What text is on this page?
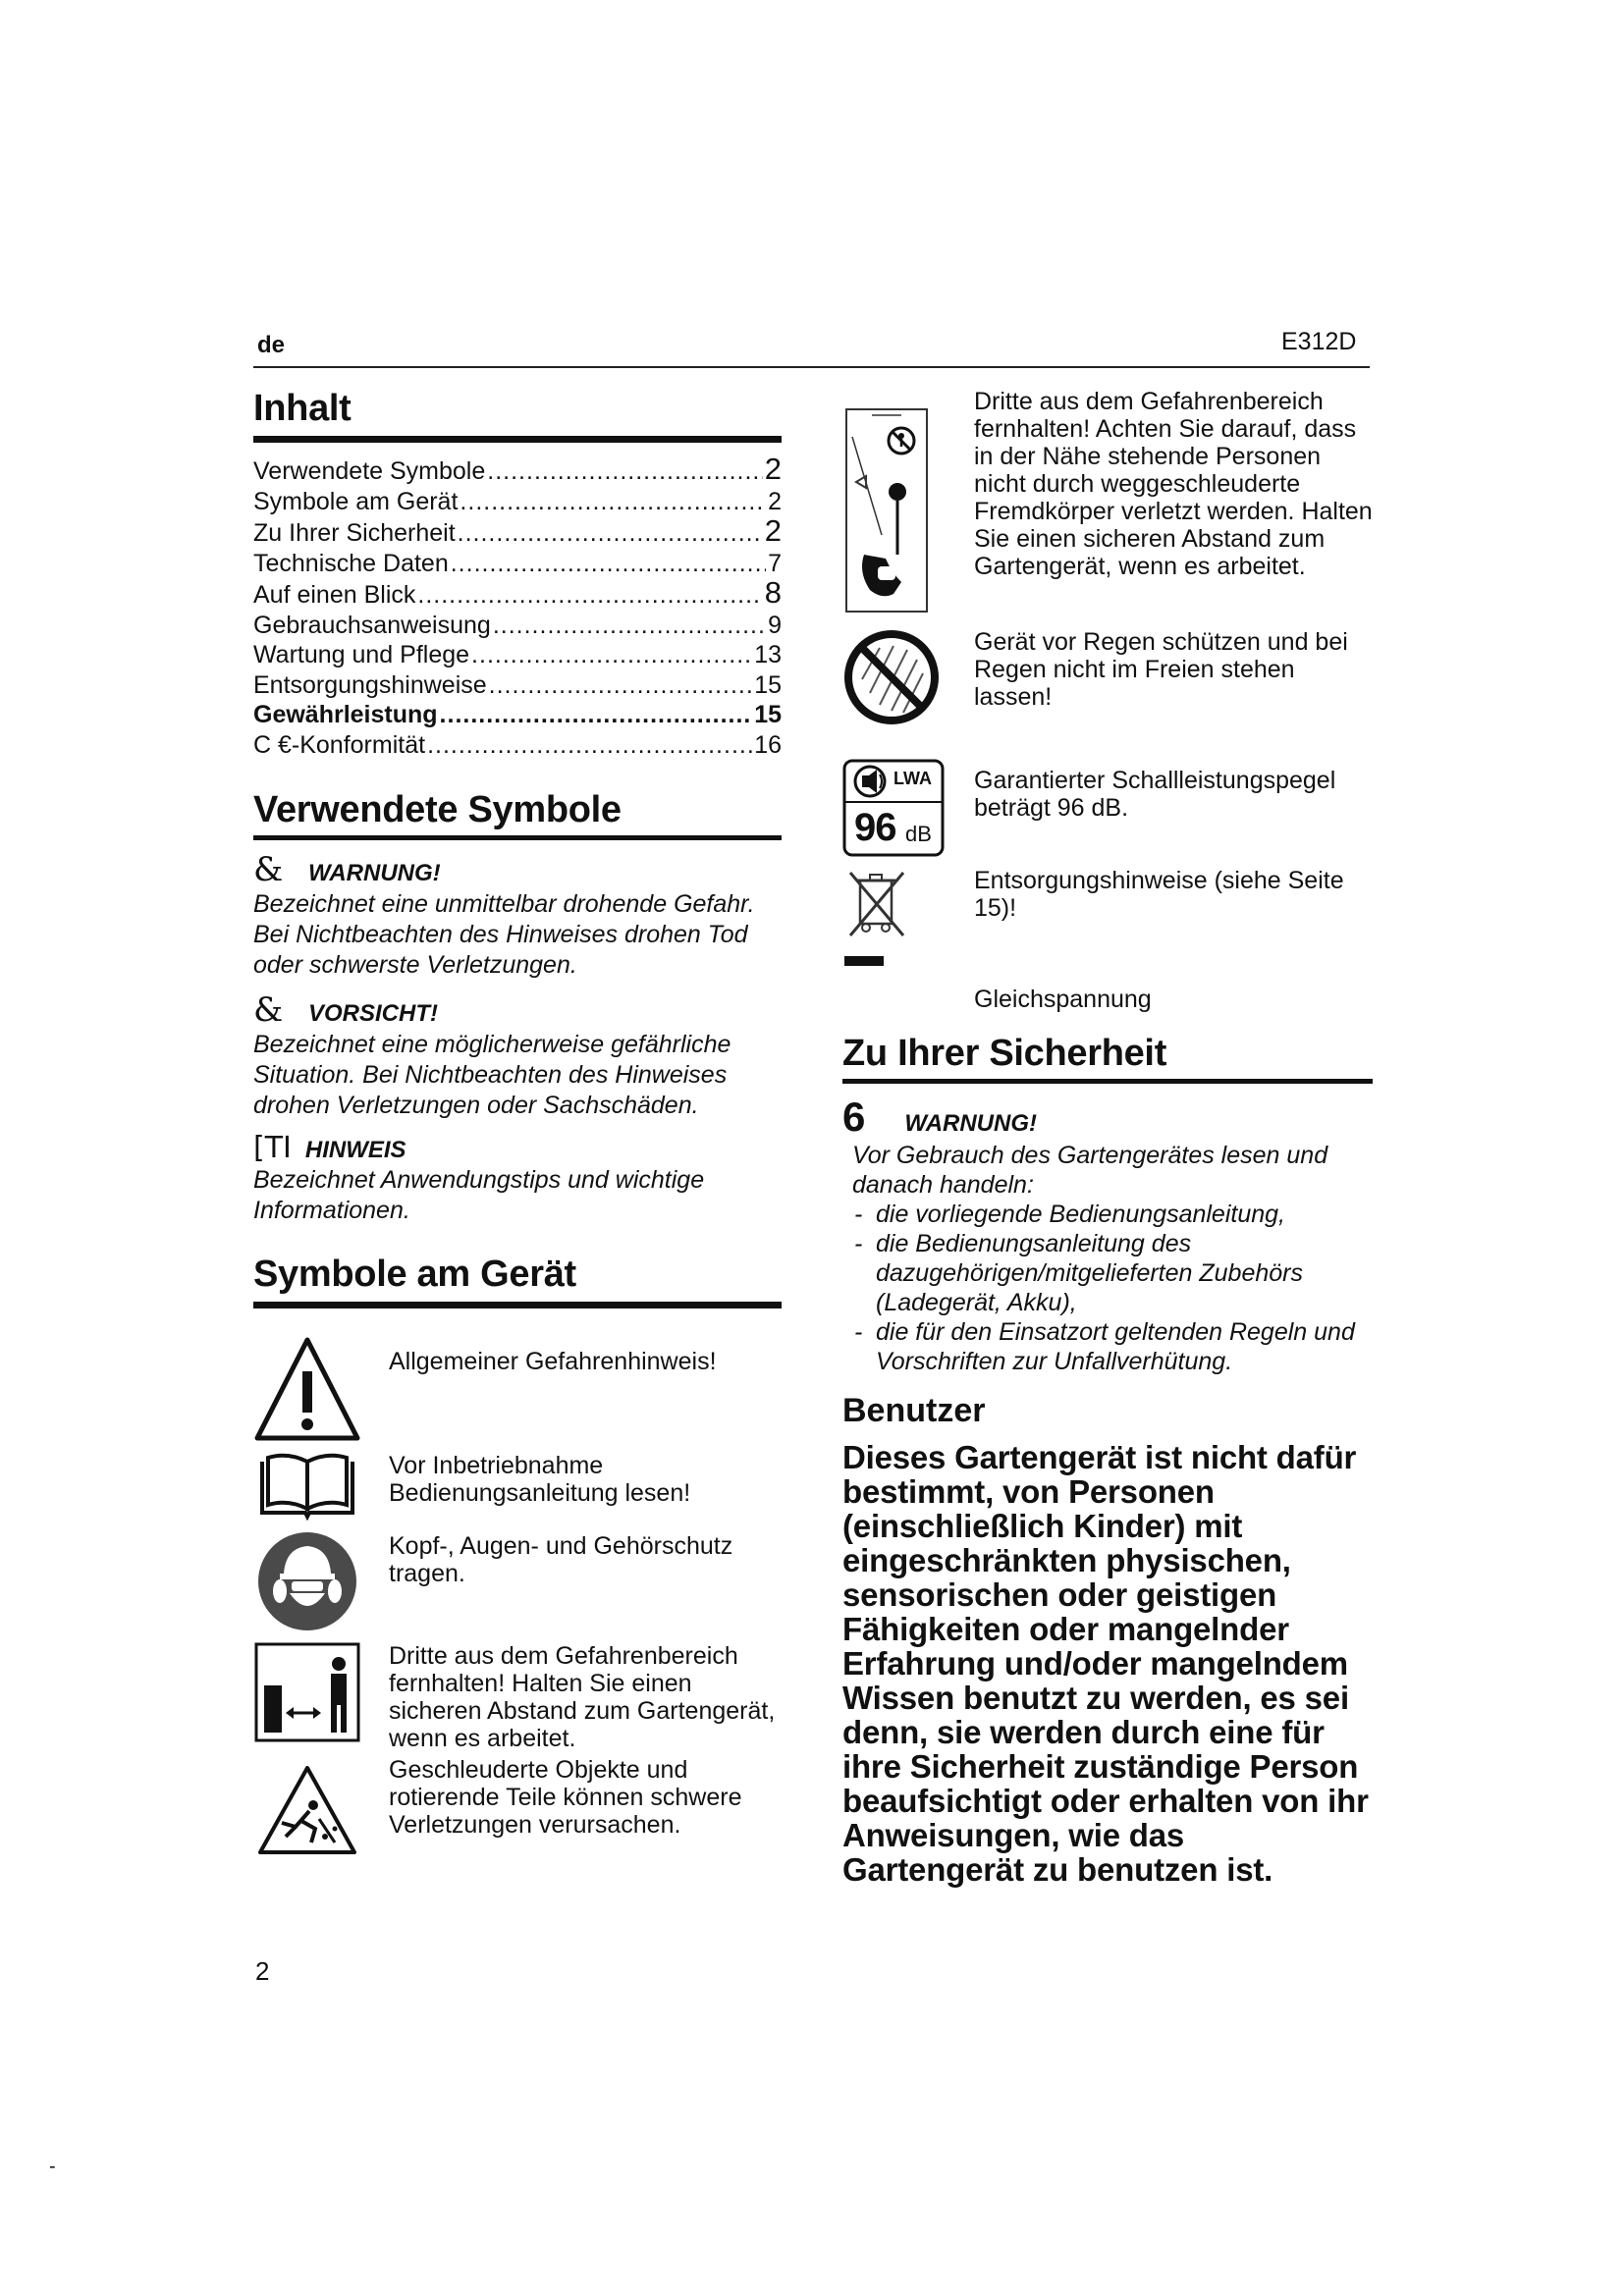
de	E312D
Inhalt
Verwendete Symbole .....	2
Symbole am Gerät .....	2
Zu Ihrer Sicherheit .....	2
Technische Daten .....	7
Auf einen Blick .....	8
Gebrauchsanweisung .....	9
Wartung und Pflege .....	13
Entsorgungshinweise .....	15
Gewährleistung .....	15
C €-Konformität .....	16
Verwendete Symbole
& WARNUNG!
Bezeichnet eine unmittelbar drohende Gefahr. Bei Nichtbeachten des Hinweises drohen Tod oder schwerste Verletzungen.
& VORSICHT!
Bezeichnet eine möglicherweise gefährliche Situation. Bei Nichtbeachten des Hinweises drohen Verletzungen oder Sachschäden.
[TI HINWEIS
Bezeichnet Anwendungstips und wichtige Informationen.
Symbole am Gerät
Allgemeiner Gefahrenhinweis!
Vor Inbetriebnahme Bedienungsanleitung lesen!
Kopf-, Augen- und Gehörschutz tragen.
Dritte aus dem Gefahrenbereich fernhalten! Halten Sie einen sicheren Abstand zum Gartengerät, wenn es arbeitet.
Geschleuderte Objekte und rotierende Teile können schwere Verletzungen verursachen.
Dritte aus dem Gefahrenbereich fernhalten! Achten Sie darauf, dass in der Nähe stehende Personen nicht durch weggeschleuderte Fremdkörper verletzt werden. Halten Sie einen sicheren Abstand zum Gartengerät, wenn es arbeitet.
Gerät vor Regen schützen und bei Regen nicht im Freien stehen lassen!
LWA
96 dB
Garantierter Schallleistungspegel beträgt 96 dB.
Entsorgungshinweise (siehe Seite 15)!
Gleichspannung
Zu Ihrer Sicherheit
6 WARNUNG!
Vor Gebrauch des Gartengerätes lesen und danach handeln:
- die vorliegende Bedienungsanleitung,
- die Bedienungsanleitung des dazugehörigen/mitgelieferten Zubehörs (Ladegerät, Akku),
- die für den Einsatzort geltenden Regeln und Vorschriften zur Unfallverhütung.
Benutzer
Dieses Gartengerät ist nicht dafür bestimmt, von Personen (einschließlich Kinder) mit eingeschränkten physischen, sensorischen oder geistigen Fähigkeiten oder mangelnder Erfahrung und/oder mangelndem Wissen benutzt zu werden, es sei denn, sie werden durch eine für ihre Sicherheit zuständige Person beaufsichtigt oder erhalten von ihr Anweisungen, wie das Gartengerät zu benutzen ist.
2
-
